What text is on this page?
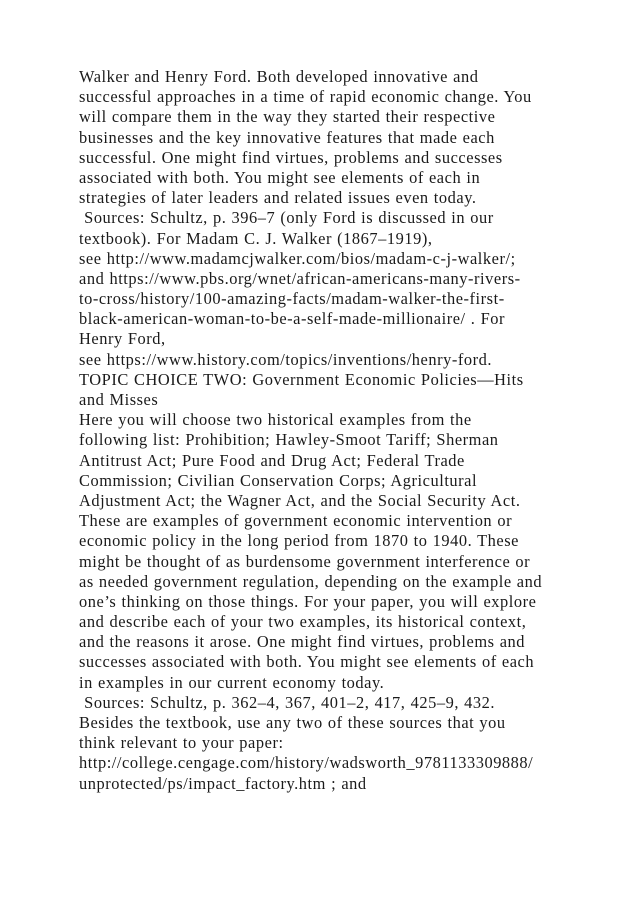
Walker and Henry Ford. Both developed innovative and
successful approaches in a time of rapid economic change. You
will compare them in the way they started their respective
businesses and the key innovative features that made each
successful. One might find virtues, problems and successes
associated with both. You might see elements of each in
strategies of later leaders and related issues even today.
Sources: Schultz, p. 396–7 (only Ford is discussed in our
textbook). For Madam C. J. Walker (1867–1919),
see http://www.madamcjwalker.com/bios/madam-c-j-walker/;
and https://www.pbs.org/wnet/african-americans-many-rivers-
to-cross/history/100-amazing-facts/madam-walker-the-first-
black-american-woman-to-be-a-self-made-millionaire/ . For
Henry Ford,
see https://www.history.com/topics/inventions/henry-ford.
TOPIC CHOICE TWO: Government Economic Policies—Hits
and Misses
Here you will choose two historical examples from the
following list: Prohibition; Hawley-Smoot Tariff; Sherman
Antitrust Act; Pure Food and Drug Act; Federal Trade
Commission; Civilian Conservation Corps; Agricultural
Adjustment Act; the Wagner Act, and the Social Security Act.
These are examples of government economic intervention or
economic policy in the long period from 1870 to 1940. These
might be thought of as burdensome government interference or
as needed government regulation, depending on the example and
one’s thinking on those things. For your paper, you will explore
and describe each of your two examples, its historical context,
and the reasons it arose. One might find virtues, problems and
successes associated with both. You might see elements of each
in examples in our current economy today.
Sources: Schultz, p. 362–4, 367, 401–2, 417, 425–9, 432.
Besides the textbook, use any two of these sources that you
think relevant to your paper:
http://college.cengage.com/history/wadsworth_9781133309888/
unprotected/ps/impact_factory.htm ; and
